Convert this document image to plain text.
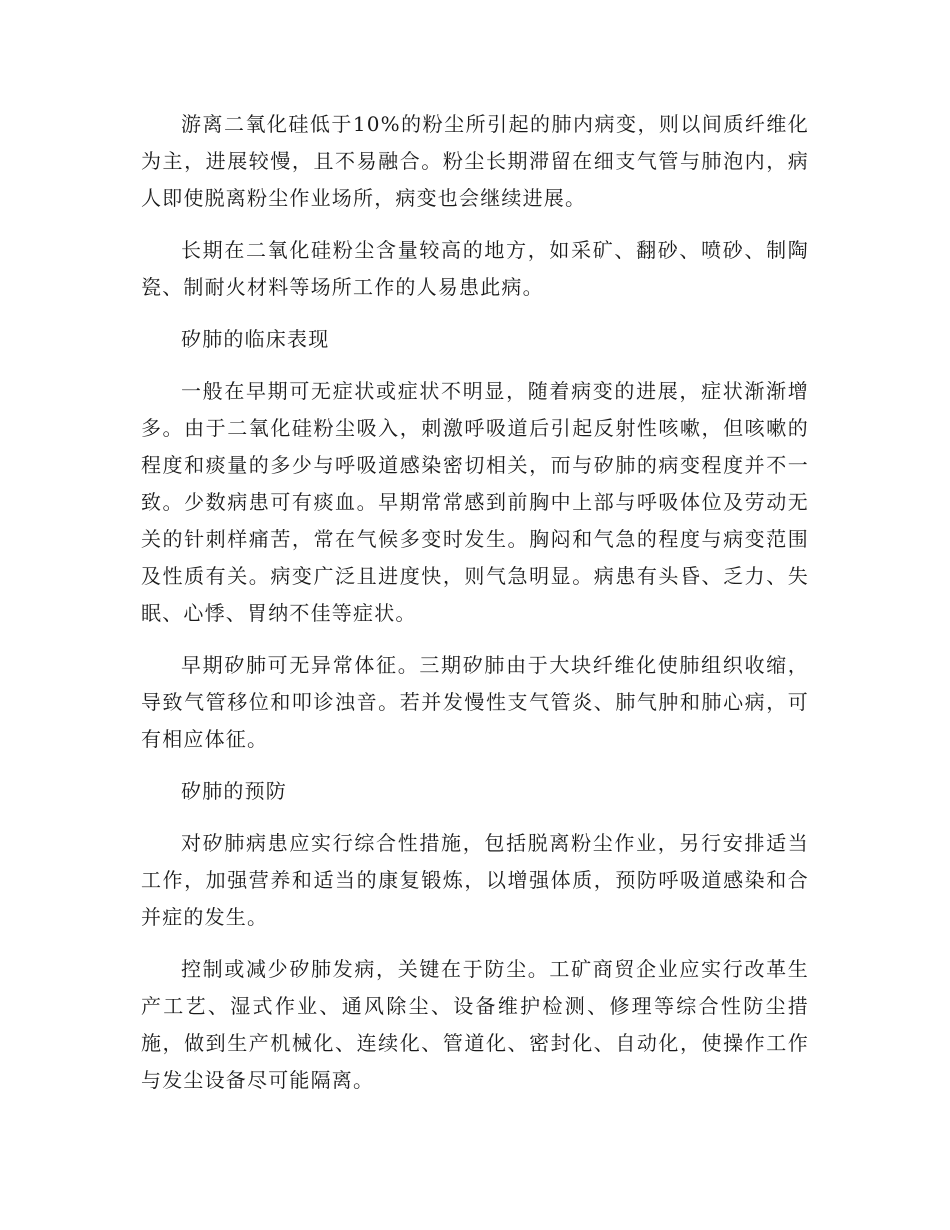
游离二氧化硅低于10%的粉尘所引起的肺内病变，则以间质纤维化为主，进展较慢，且不易融合。粉尘长期滞留在细支气管与肺泡内，病人即使脱离粉尘作业场所，病变也会继续进展。

长期在二氧化硅粉尘含量较高的地方，如采矿、翻砂、喷砂、制陶瓷、制耐火材料等场所工作的人易患此病。

矽肺的临床表现

一般在早期可无症状或症状不明显，随着病变的进展，症状渐渐增多。由于二氧化硅粉尘吸入，刺激呼吸道后引起反射性咳嗽，但咳嗽的程度和痰量的多少与呼吸道感染密切相关，而与矽肺的病变程度并不一致。少数病患可有痰血。早期常常感到前胸中上部与呼吸体位及劳动无关的针刺样痛苦，常在气候多变时发生。胸闷和气急的程度与病变范围及性质有关。病变广泛且进度快，则气急明显。病患有头昏、乏力、失眠、心悸、胃纳不佳等症状。

早期矽肺可无异常体征。三期矽肺由于大块纤维化使肺组织收缩，导致气管移位和叩诊浊音。若并发慢性支气管炎、肺气肿和肺心病，可有相应体征。

矽肺的预防

对矽肺病患应实行综合性措施，包括脱离粉尘作业，另行安排适当工作，加强营养和适当的康复锻炼，以增强体质，预防呼吸道感染和合并症的发生。

控制或减少矽肺发病，关键在于防尘。工矿商贸企业应实行改革生产工艺、湿式作业、通风除尘、设备维护检测、修理等综合性防尘措施，做到生产机械化、连续化、管道化、密封化、自动化，使操作工作与发尘设备尽可能隔离。
